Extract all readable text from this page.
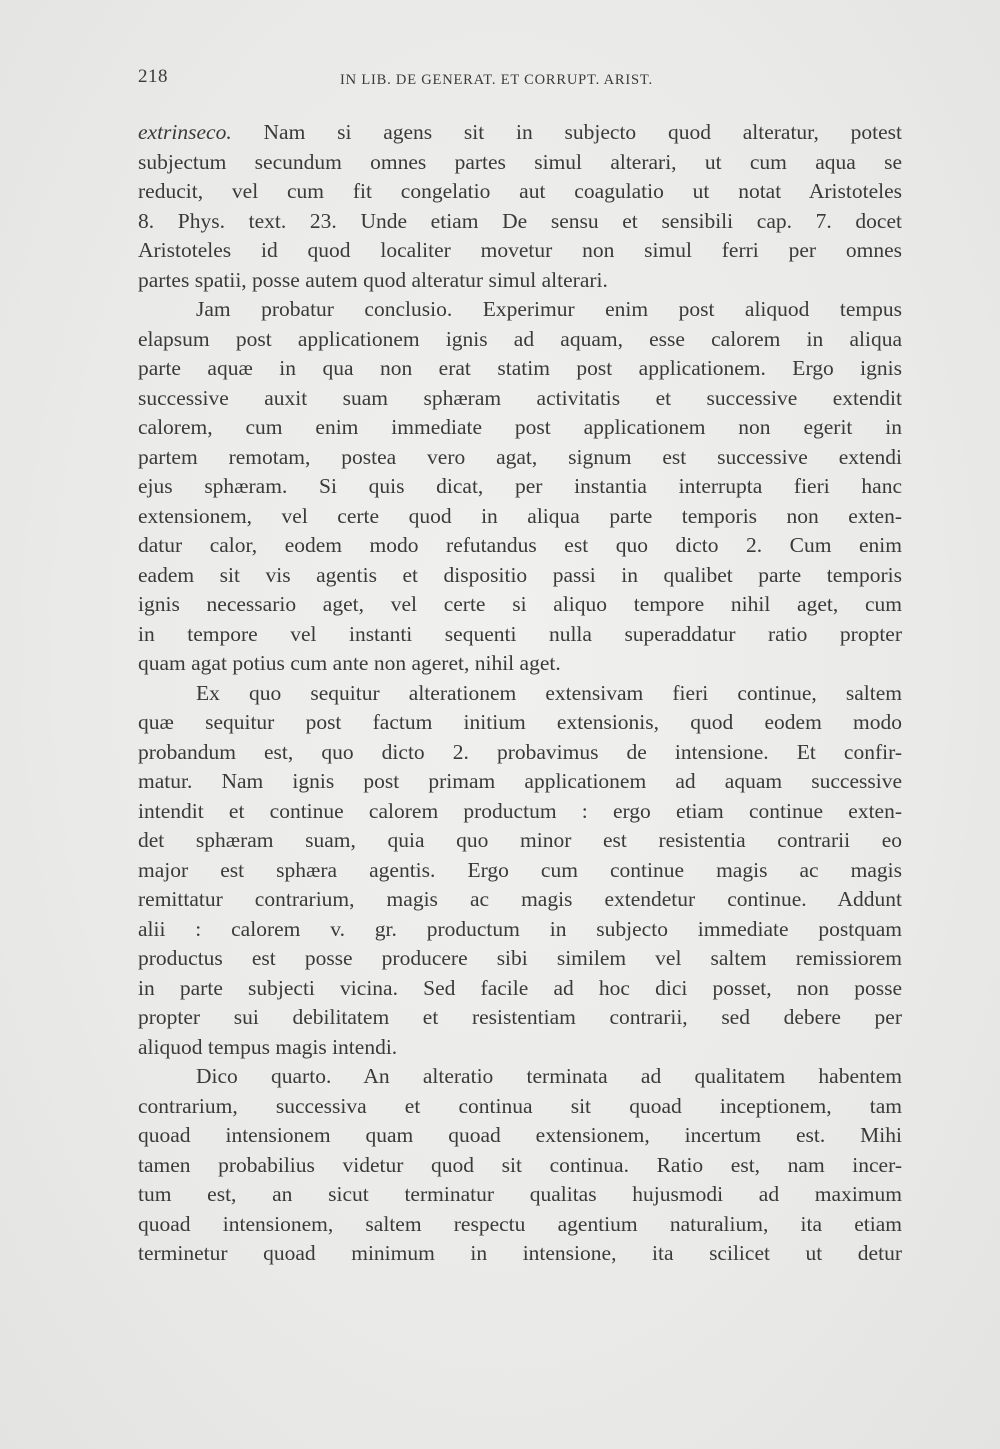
218	IN LIB. DE GENERAT. ET CORRUPT. ARIST.
extrinseco. Nam si agens sit in subjecto quod alteratur, potest
subjectum secundum omnes partes simul alterari, ut cum aqua se
reducit, vel cum fit congelatio aut coagulatio ut notat Aristoteles
8. Phys. text. 23. Unde etiam De sensu et sensibili cap. 7. docet
Aristoteles id quod localiter movetur non simul ferri per omnes
partes spatii, posse autem quod alteratur simul alterari.
Jam probatur conclusio. Experimur enim post aliquod tempus
elapsum post applicationem ignis ad aquam, esse calorem in aliqua
parte aquæ in qua non erat statim post applicationem. Ergo ignis
successive auxit suam sphæram activitatis et successive extendit
calorem, cum enim immediate post applicationem non egerit in
partem remotam, postea vero agat, signum est successive extendi
ejus sphæram. Si quis dicat, per instantia interrupta fieri hanc
extensionem, vel certe quod in aliqua parte temporis non exten-
datur calor, eodem modo refutandus est quo dicto 2. Cum enim
eadem sit vis agentis et dispositio passi in qualibet parte temporis
ignis necessario aget, vel certe si aliquo tempore nihil aget, cum
in tempore vel instanti sequenti nulla superaddatur ratio propter
quam agat potius cum ante non ageret, nihil aget.
Ex quo sequitur alterationem extensivam fieri continue, saltem
quæ sequitur post factum initium extensionis, quod eodem modo
probandum est, quo dicto 2. probavimus de intensione. Et confir-
matur. Nam ignis post primam applicationem ad aquam successive
intendit et continue calorem productum : ergo etiam continue exten-
det sphæram suam, quia quo minor est resistentia contrarii eo
major est sphæra agentis. Ergo cum continue magis ac magis
remittatur contrarium, magis ac magis extendetur continue. Addunt
alii : calorem v. gr. productum in subjecto immediate postquam
productus est posse producere sibi similem vel saltem remissiorem
in parte subjecti vicina. Sed facile ad hoc dici posset, non posse
propter sui debilitatem et resistentiam contrarii, sed debere per
aliquod tempus magis intendi.
Dico quarto. An alteratio terminata ad qualitatem habentem
contrarium, successiva et continua sit quoad inceptionem, tam
quoad intensionem quam quoad extensionem, incertum est. Mihi
tamen probabilius videtur quod sit continua. Ratio est, nam incer-
tum est, an sicut terminatur qualitas hujusmodi ad maximum
quoad intensionem, saltem respectu agentium naturalium, ita etiam
terminetur quoad minimum in intensione, ita scilicet ut detur
